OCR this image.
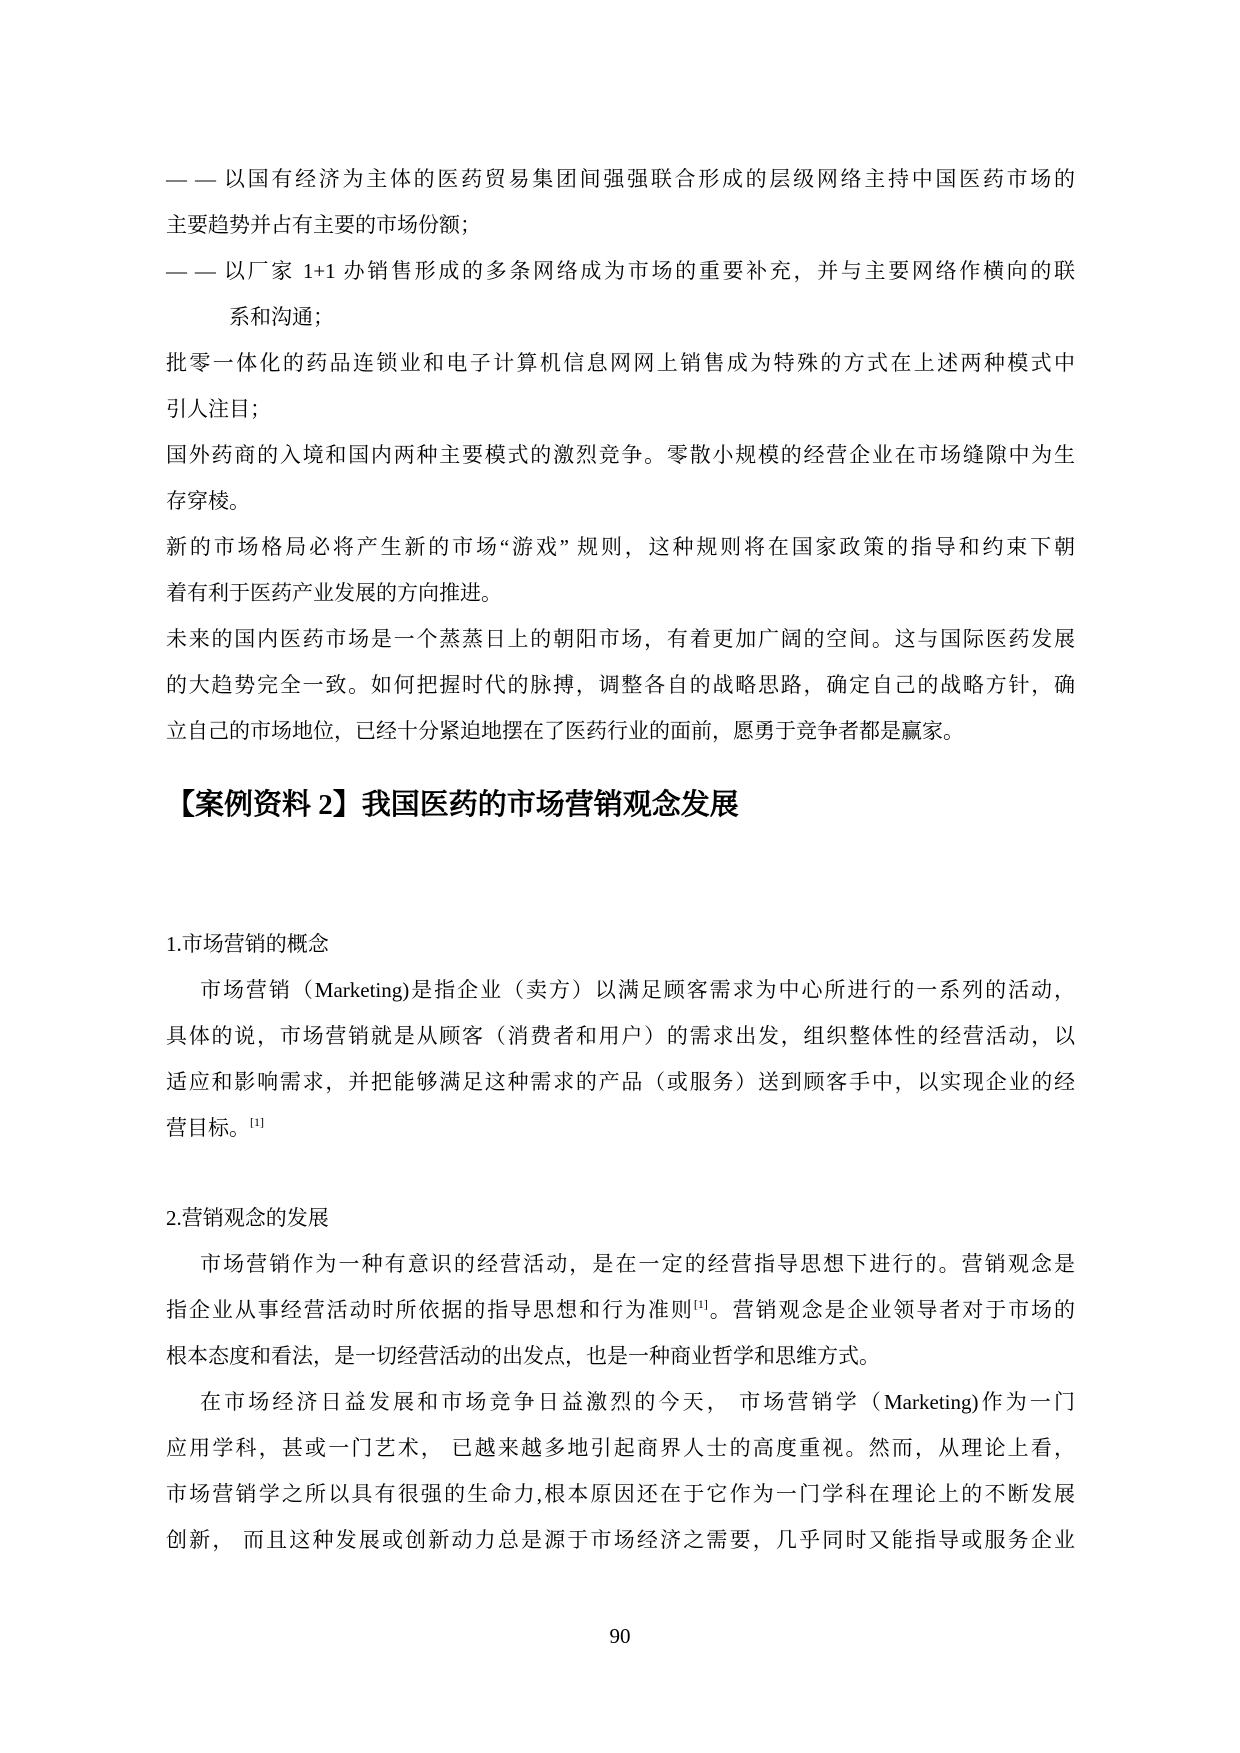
— — 以国有经济为主体的医药贸易集团间强强联合形成的层级网络主持中国医药市场的
主要趋势并占有主要的市场份额；
— — 以厂家 1+1 办销售形成的多条网络成为市场的重要补充，并与主要网络作横向的联
系和沟通；
批零一体化的药品连锁业和电子计算机信息网网上销售成为特殊的方式在上述两种模式中
引人注目；
国外药商的入境和国内两种主要模式的激烈竞争。零散小规模的经营企业在市场缝隙中为生
存穿棱。
新的市场格局必将产生新的市场“游戏” 规则，这种规则将在国家政策的指导和约束下朝
着有利于医药产业发展的方向推进。
未来的国内医药市场是一个蒸蒸日上的朝阳市场，有着更加广阔的空间。这与国际医药发展
的大趋势完全一致。如何把握时代的脉搏，调整各自的战略思路，确定自己的战略方针，确
立自己的市场地位，已经十分紧迫地摆在了医药行业的面前，愿勇于竞争者都是赢家。
【案例资料 2】我国医药的市场营销观念发展
1.市场营销的概念
市场营销（Marketing)是指企业（卖方）以满足顾客需求为中心所进行的一系列的活动，
具体的说，市场营销就是从顾客（消费者和用户）的需求出发，组织整体性的经营活动，以
适应和影响需求，并把能够满足这种需求的产品（或服务）送到顾客手中，以实现企业的经
营目标。[1]
2.营销观念的发展
市场营销作为一种有意识的经营活动，是在一定的经营指导思想下进行的。营销观念是
指企业从事经营活动时所依据的指导思想和行为准则[1]。营销观念是企业领导者对于市场的
根本态度和看法，是一切经营活动的出发点，也是一种商业哲学和思维方式。
在市场经济日益发展和市场竞争日益激烈的今天， 市场营销学（Marketing)作为一门
应用学科，甚或一门艺术， 已越来越多地引起商界人士的高度重视。然而，从理论上看，
市场营销学之所以具有很强的生命力,根本原因还在于它作为一门学科在理论上的不断发展
创新， 而且这种发展或创新动力总是源于市场经济之需要，几乎同时又能指导或服务企业
90
